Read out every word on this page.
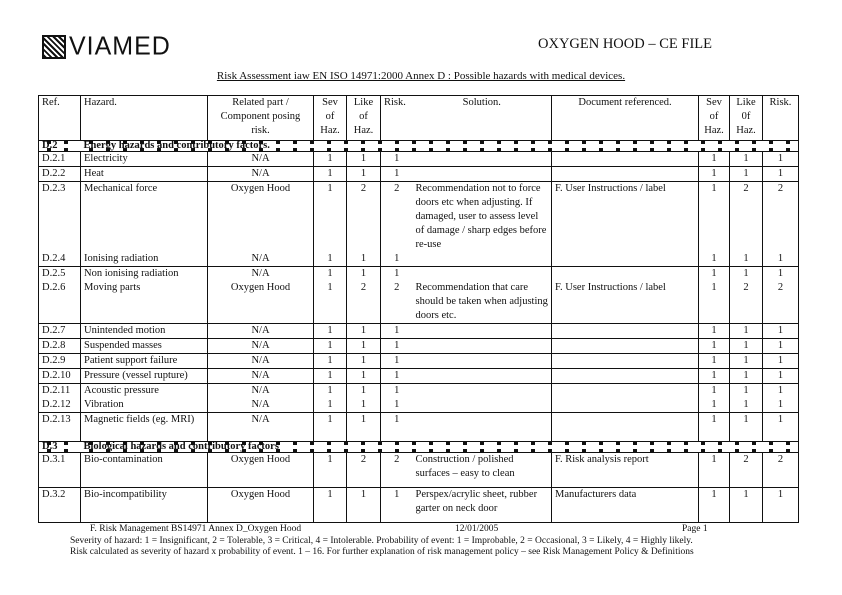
VIAMED	OXYGEN HOOD – CE FILE
Risk Assessment iaw EN ISO 14971:2000 Annex D : Possible hazards with medical devices.
Ref.	Hazard.	Related part / Component posing risk.	Sev of Haz.	Like of Haz.	Risk.	Solution.	Document referenced.	Sev of Haz.	Like 0f Haz.	Risk.
D.2	Energy hazards and contributory factors.									
D.2.1	Electricity	N/A	1	1	1			1	1	1
D.2.2	Heat	N/A	1	1	1			1	1	1
D.2.3	Mechanical force	Oxygen Hood	1	2	2	Recommendation not to force doors etc when adjusting. If damaged, user to assess level of damage / sharp edges before re-use	F. User Instructions / label	1	2	2
D.2.4	Ionising radiation	N/A	1	1	1			1	1	1
D.2.5	Non ionising radiation	N/A	1	1	1			1	1	1
D.2.6	Moving parts	Oxygen Hood	1	2	2	Recommendation that care should be taken when adjusting doors etc.	F. User Instructions / label	1	2	2
D.2.7	Unintended motion	N/A	1	1	1			1	1	1
D.2.8	Suspended masses	N/A	1	1	1			1	1	1
D.2.9	Patient support failure	N/A	1	1	1			1	1	1
D.2.10	Pressure (vessel rupture)	N/A	1	1	1			1	1	1
D.2.11	Acoustic pressure	N/A	1	1	1			1	1	1
D.2.12	Vibration	N/A	1	1	1			1	1	1
D.2.13	Magnetic fields (eg. MRI)	N/A	1	1	1			1	1	1
D.3	Biological hazards and contributory factors									
D.3.1	Bio-contamination	Oxygen Hood	1	2	2	Construction / polished surfaces – easy to clean	F. Risk analysis report	1	2	2
D.3.2	Bio-incompatibility	Oxygen Hood	1	1	1	Perspex/acrylic sheet, rubber garter on neck door	Manufacturers data	1	1	1
F. Risk Management BS14971 Annex D_Oxygen Hood	12/01/2005	Page 1
Severity of hazard: 1 = Insignificant, 2 = Tolerable, 3 = Critical, 4 = Intolerable. Probability of event: 1 = Improbable, 2 = Occasional, 3 = Likely, 4 = Highly likely.
Risk calculated as severity of hazard x probability of event. 1 – 16. For further explanation of risk management policy – see Risk Management Policy & Definitions
